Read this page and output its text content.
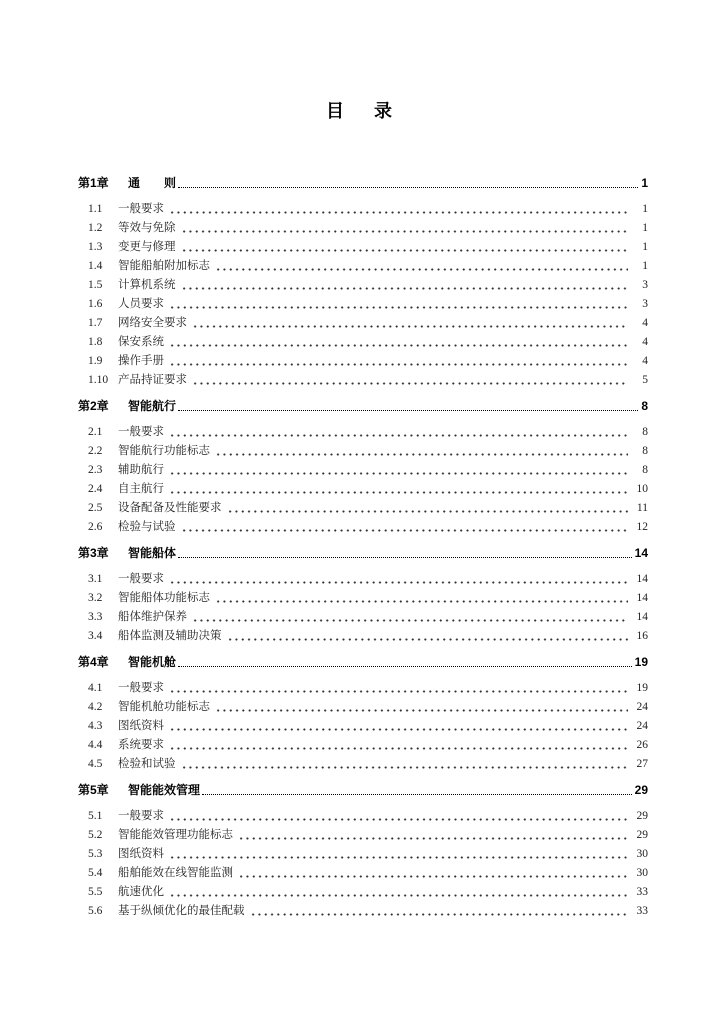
目　录
第1章	通　　则	1
1.1	一般要求	1
1.2	等效与免除	1
1.3	变更与修理	1
1.4	智能船舶附加标志	1
1.5	计算机系统	3
1.6	人员要求	3
1.7	网络安全要求	4
1.8	保安系统	4
1.9	操作手册	4
1.10 产品持证要求	5
第2章	智能航行	8
2.1	一般要求	8
2.2	智能航行功能标志	8
2.3	辅助航行	8
2.4	自主航行	10
2.5	设备配备及性能要求	11
2.6	检验与试验	12
第3章	智能船体	14
3.1	一般要求	14
3.2	智能船体功能标志	14
3.3	船体维护保养	14
3.4	船体监测及辅助决策	16
第4章	智能机舱	19
4.1	一般要求	19
4.2	智能机舱功能标志	24
4.3	图纸资料	24
4.4	系统要求	26
4.5	检验和试验	27
第5章	智能能效管理	29
5.1	一般要求	29
5.2	智能能效管理功能标志	29
5.3	图纸资料	30
5.4	船舶能效在线智能监测	30
5.5	航速优化	33
5.6	基于纵倾优化的最佳配载	33
